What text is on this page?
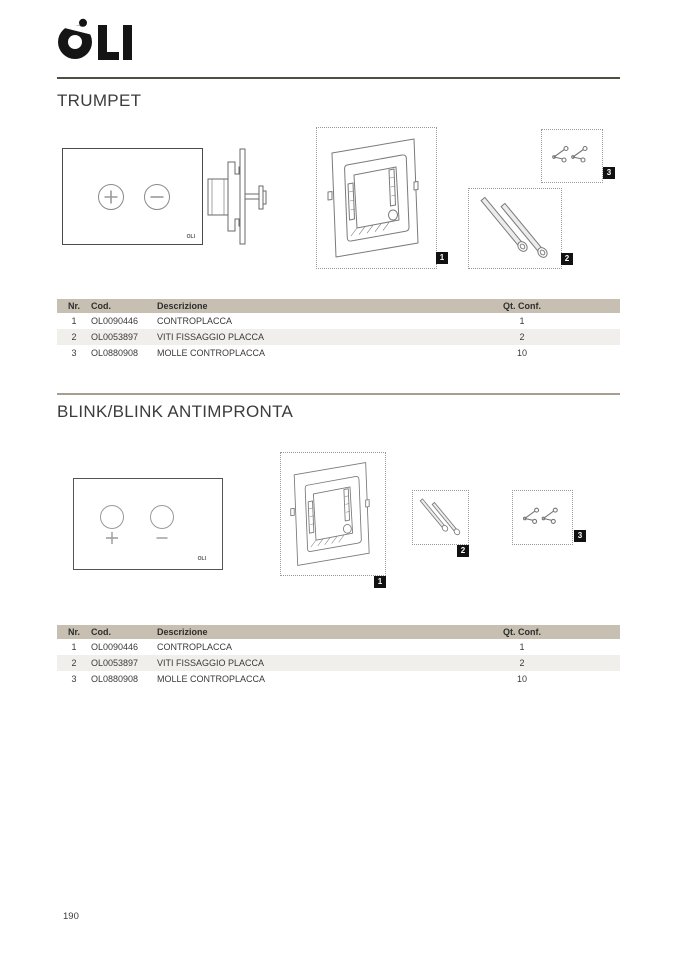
TRUMPET
OLI
1	2
3
Nr.	Cod.	Descrizione	Qt. Conf.
1	OL0090446	CONTROPLACCA	1
2	OL0053897	VITI FISSAGGIO PLACCA	2
3	OL0880908	MOLLE CONTROPLACCA	10
BLINK/BLINK ANTIMPRONTA
OLI
1
2
3
Nr.	Cod.	Descrizione	Qt. Conf.
1	OL0090446	CONTROPLACCA	1
2	OL0053897	VITI FISSAGGIO PLACCA	2
3	OL0880908	MOLLE CONTROPLACCA	10
190
